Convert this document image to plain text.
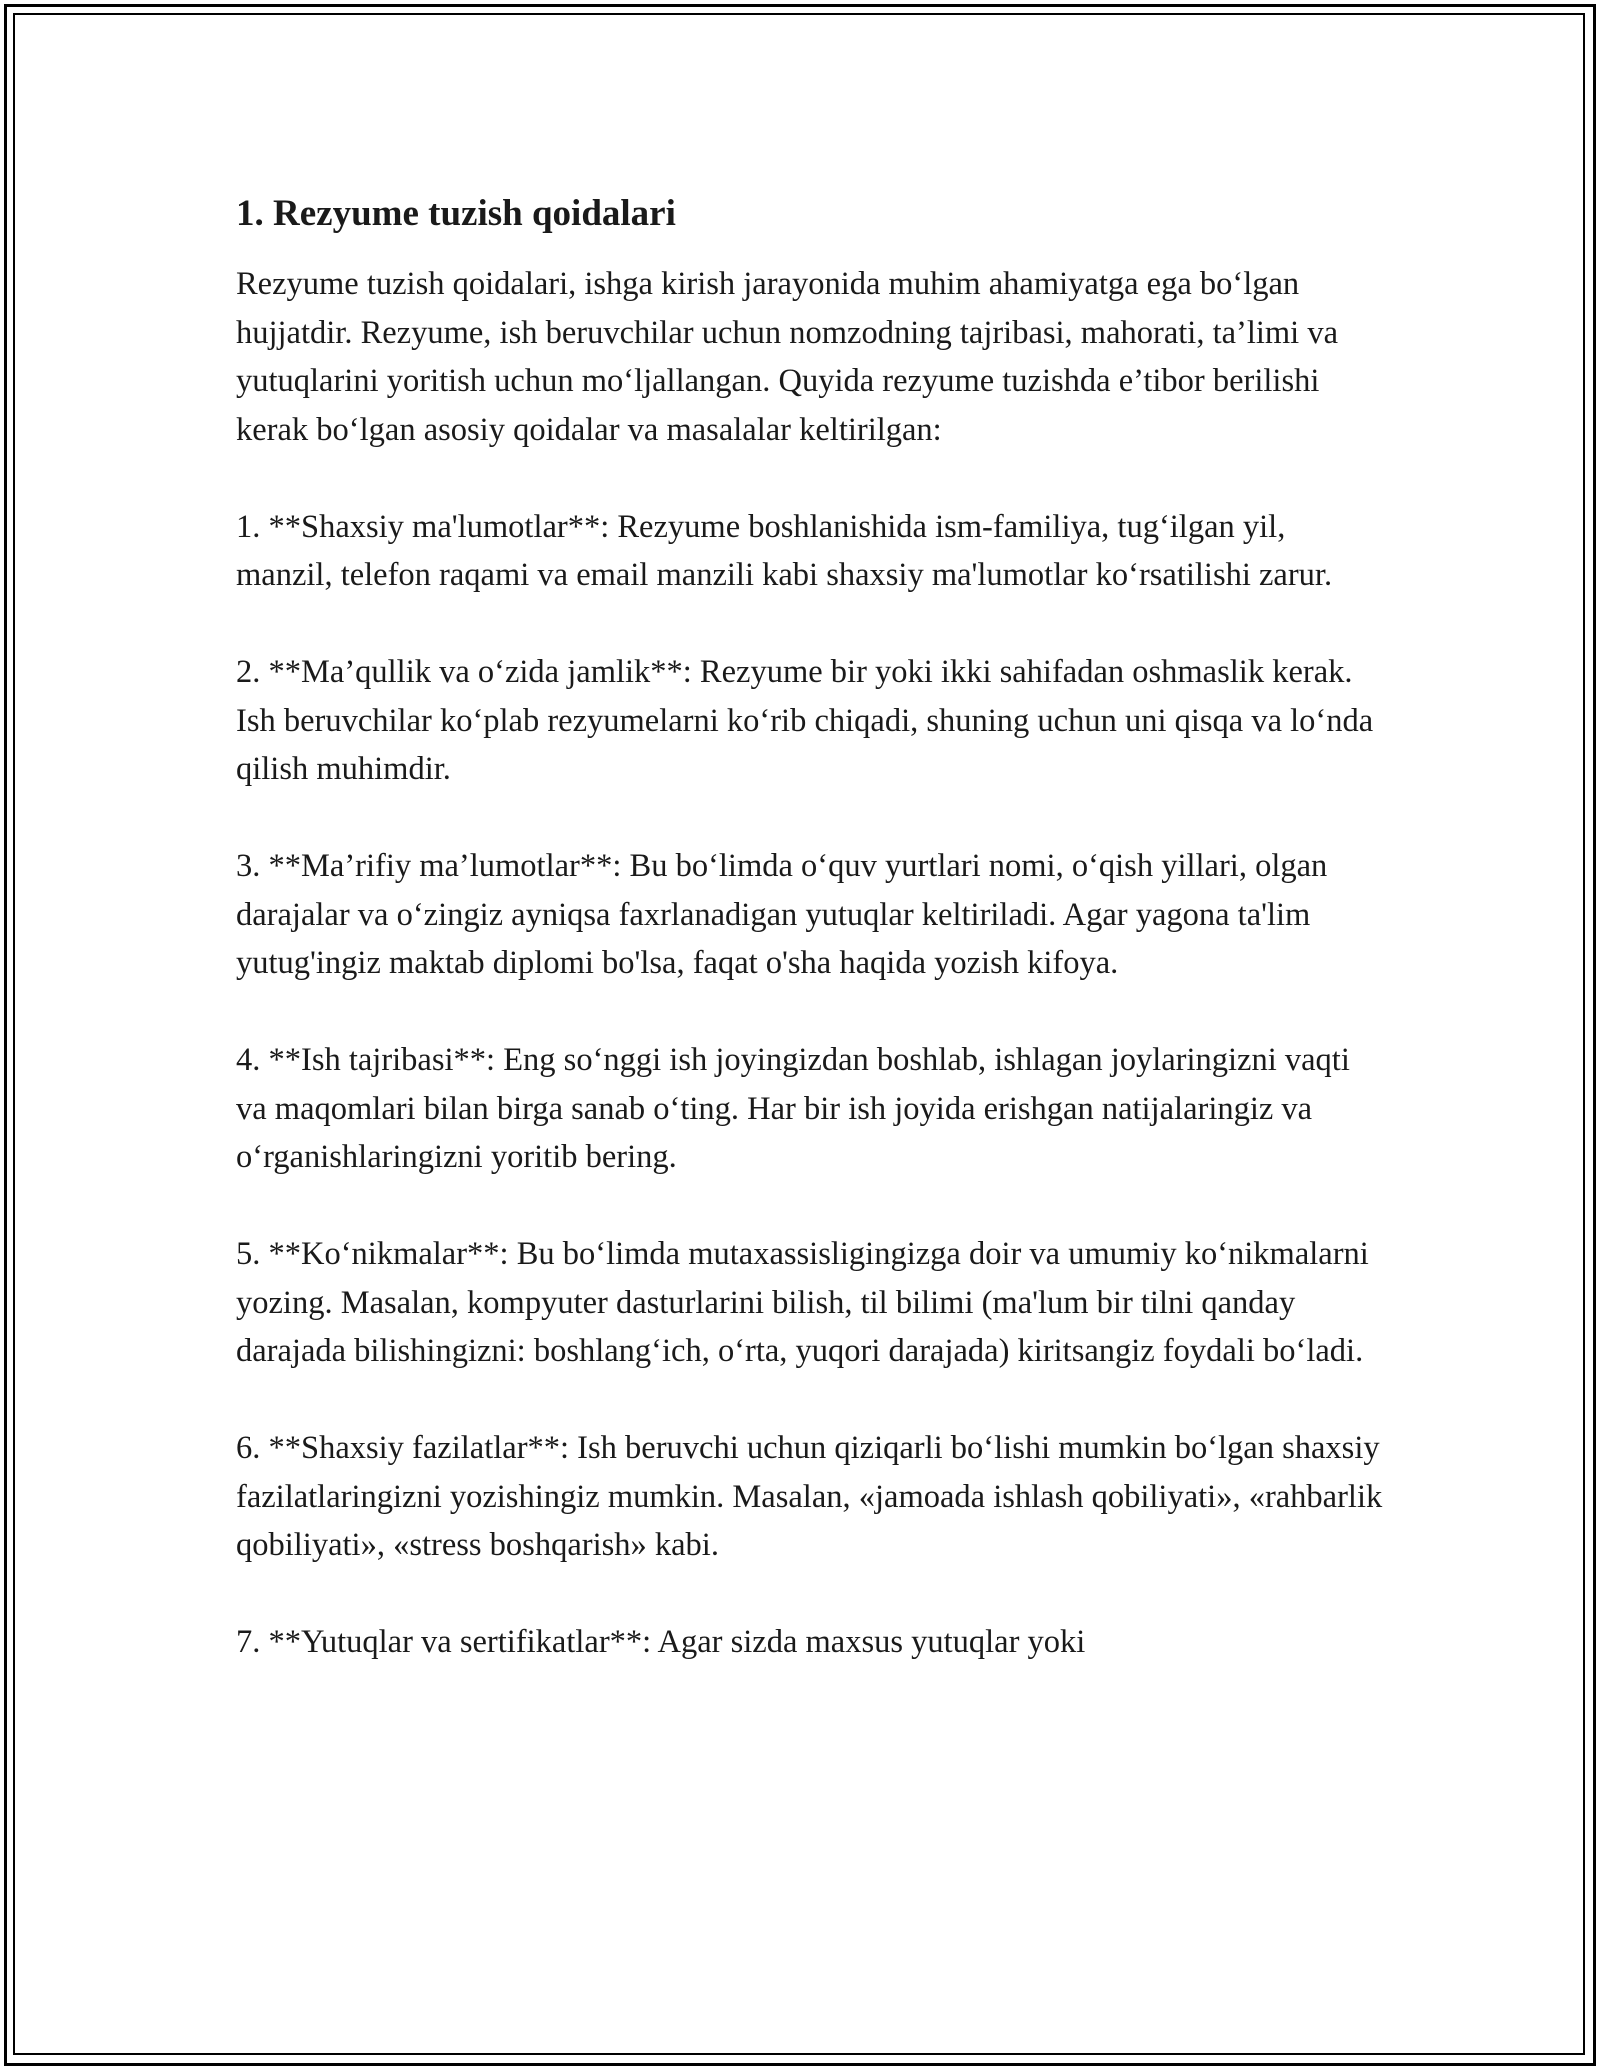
1. Rezyume tuzish qoidalari

Rezyume tuzish qoidalari, ishga kirish jarayonida muhim ahamiyatga ega bo‘lgan hujjatdir. Rezyume, ish beruvchilar uchun nomzodning tajribasi, mahorati, ta’limi va yutuqlarini yoritish uchun mo‘ljallangan. Quyida rezyume tuzishda e’tibor berilishi kerak bo‘lgan asosiy qoidalar va masalalar keltirilgan:

1. **Shaxsiy ma'lumotlar**: Rezyume boshlanishida ism-familiya, tug‘ilgan yil, manzil, telefon raqami va email manzili kabi shaxsiy ma'lumotlar ko‘rsatilishi zarur.

2. **Ma’qullik va o‘zida jamlik**: Rezyume bir yoki ikki sahifadan oshmaslik kerak. Ish beruvchilar ko‘plab rezyumelarni ko‘rib chiqadi, shuning uchun uni qisqa va lo‘nda qilish muhimdir.

3. **Ma’rifiy ma’lumotlar**: Bu bo‘limda o‘quv yurtlari nomi, o‘qish yillari, olgan darajalar va o‘zingiz ayniqsa faxrlanadigan yutuqlar keltiriladi. Agar yagona ta'lim yutug'ingiz maktab diplomi bo'lsa, faqat o'sha haqida yozish kifoya.

4. **Ish tajribasi**: Eng so‘nggi ish joyingizdan boshlab, ishlagan joylaringizni vaqti va maqomlari bilan birga sanab o‘ting. Har bir ish joyida erishgan natijalaringiz va o‘rganishlaringizni yoritib bering.

5. **Ko‘nikmalar**: Bu bo‘limda mutaxassisligingizga doir va umumiy ko‘nikmalarni yozing. Masalan, kompyuter dasturlarini bilish, til bilimi (ma'lum bir tilni qanday darajada bilishingizni: boshlang‘ich, o‘rta, yuqori darajada) kiritsangiz foydali bo‘ladi.

6. **Shaxsiy fazilatlar**: Ish beruvchi uchun qiziqarli bo‘lishi mumkin bo‘lgan shaxsiy fazilatlaringizni yozishingiz mumkin. Masalan, «jamoada ishlash qobiliyati», «rahbarlik qobiliyati», «stress boshqarish» kabi.

7. **Yutuqlar va sertifikatlar**: Agar sizda maxsus yutuqlar yoki
